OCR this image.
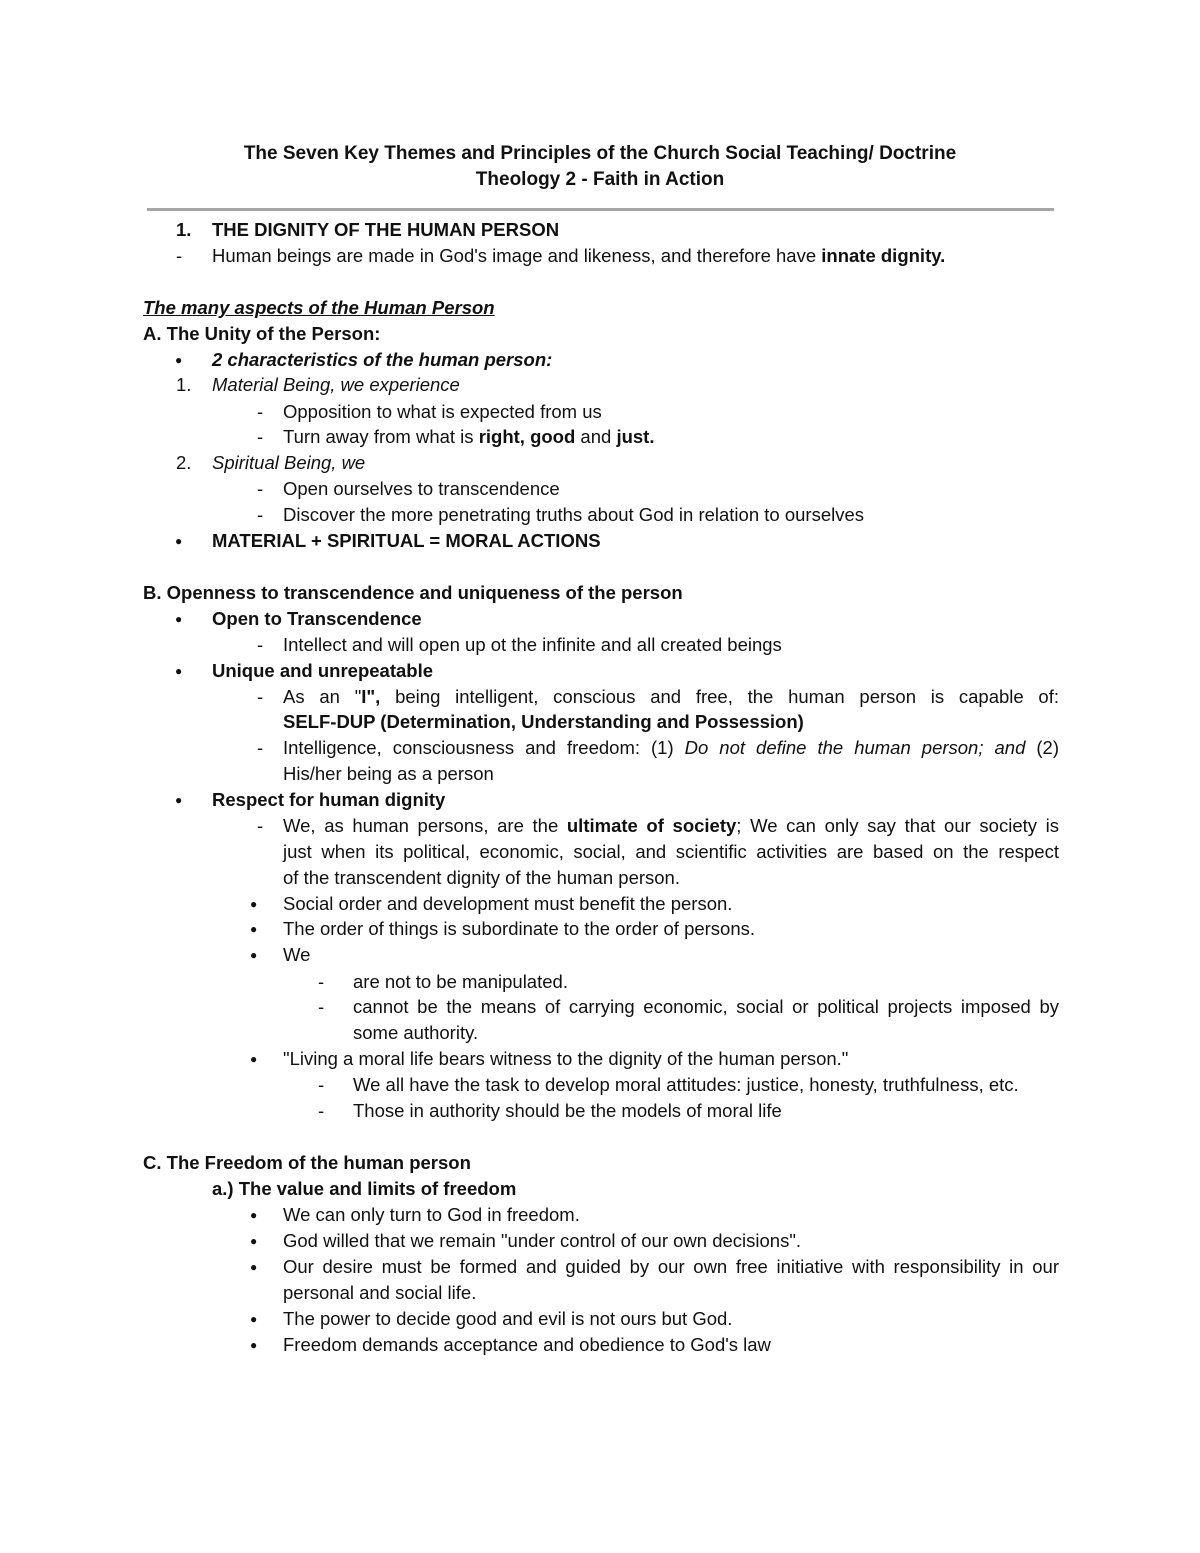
The Seven Key Themes and Principles of the Church Social Teaching/ Doctrine
Theology 2 - Faith in Action
1. THE DIGNITY OF THE HUMAN PERSON
- Human beings are made in God's image and likeness, and therefore have innate dignity.
The many aspects of the Human Person
A. The Unity of the Person:
● 2 characteristics of the human person:
1. Material Being, we experience
- Opposition to what is expected from us
- Turn away from what is right, good and just.
2. Spiritual Being, we
- Open ourselves to transcendence
- Discover the more penetrating truths about God in relation to ourselves
● MATERIAL + SPIRITUAL = MORAL ACTIONS
B. Openness to transcendence and uniqueness of the person
● Open to Transcendence
- Intellect and will open up ot the infinite and all created beings
● Unique and unrepeatable
- As an "I", being intelligent, conscious and free, the human person is capable of:
SELF-DUP (Determination, Understanding and Possession)
- Intelligence, consciousness and freedom: (1) Do not define the human person; and (2)
His/her being as a person
● Respect for human dignity
- We, as human persons, are the ultimate of society; We can only say that our society is
just when its political, economic, social, and scientific activities are based on the respect
of the transcendent dignity of the human person.
● Social order and development must benefit the person.
● The order of things is subordinate to the order of persons.
● We
- are not to be manipulated.
- cannot be the means of carrying economic, social or political projects imposed by
some authority.
● "Living a moral life bears witness to the dignity of the human person."
- We all have the task to develop moral attitudes: justice, honesty, truthfulness, etc.
- Those in authority should be the models of moral life
C. The Freedom of the human person
a.) The value and limits of freedom
● We can only turn to God in freedom.
● God willed that we remain "under control of our own decisions".
● Our desire must be formed and guided by our own free initiative with responsibility in our
personal and social life.
● The power to decide good and evil is not ours but God.
● Freedom demands acceptance and obedience to God's law
